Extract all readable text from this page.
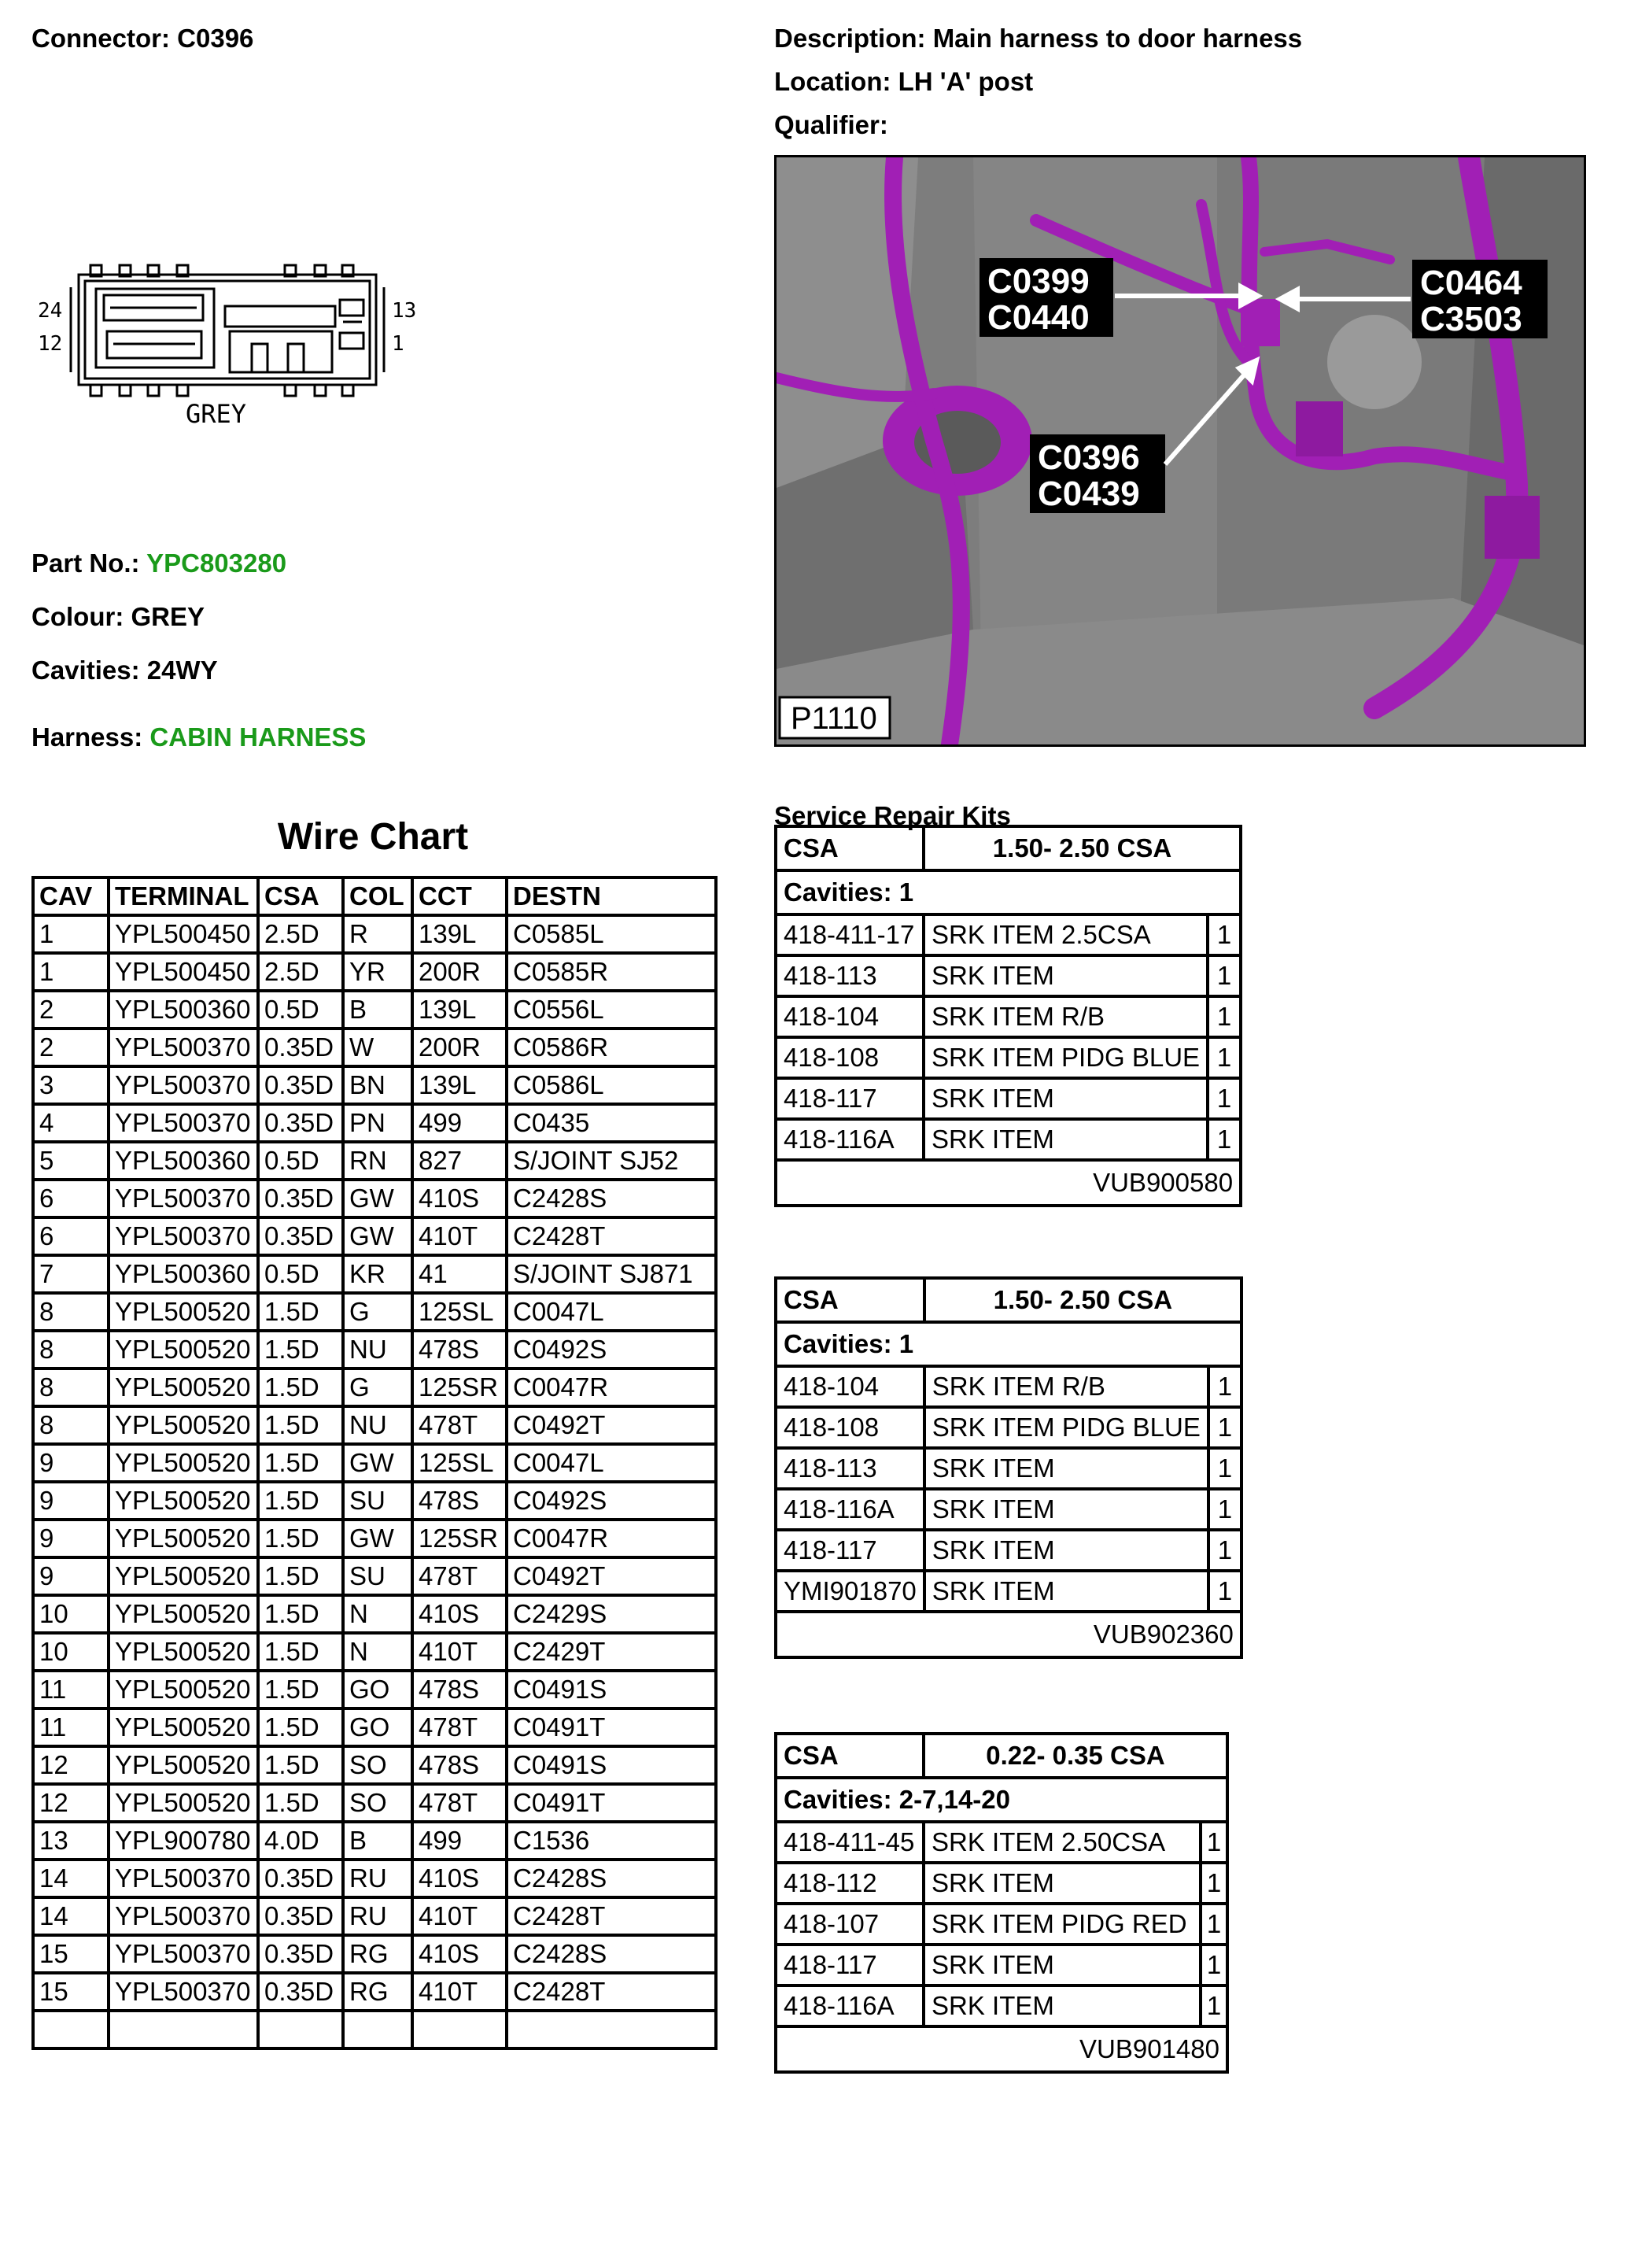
Connector: C0396	Description: Main harness to door harness
Location: LH 'A' post
Qualifier:
24	13
12	1
GREY
Part No.: YPC803280
Colour: GREY
Cavities: 24WY
Harness: CABIN HARNESS
C0399
C0440
C0464
C3503
C0396
C0439
P1110
Wire Chart
CAV	TERMINAL	CSA	COL	CCT	DESTN
1	YPL500450	2.5D	R	139L	C0585L
1	YPL500450	2.5D	YR	200R	C0585R
2	YPL500360	0.5D	B	139L	C0556L
2	YPL500370	0.35D	W	200R	C0586R
3	YPL500370	0.35D	BN	139L	C0586L
4	YPL500370	0.35D	PN	499	C0435
5	YPL500360	0.5D	RN	827	S/JOINT SJ52
6	YPL500370	0.35D	GW	410S	C2428S
6	YPL500370	0.35D	GW	410T	C2428T
7	YPL500360	0.5D	KR	41	S/JOINT SJ871
8	YPL500520	1.5D	G	125SL	C0047L
8	YPL500520	1.5D	NU	478S	C0492S
8	YPL500520	1.5D	G	125SR	C0047R
8	YPL500520	1.5D	NU	478T	C0492T
9	YPL500520	1.5D	GW	125SL	C0047L
9	YPL500520	1.5D	SU	478S	C0492S
9	YPL500520	1.5D	GW	125SR	C0047R
9	YPL500520	1.5D	SU	478T	C0492T
10	YPL500520	1.5D	N	410S	C2429S
10	YPL500520	1.5D	N	410T	C2429T
11	YPL500520	1.5D	GO	478S	C0491S
11	YPL500520	1.5D	GO	478T	C0491T
12	YPL500520	1.5D	SO	478S	C0491S
12	YPL500520	1.5D	SO	478T	C0491T
13	YPL900780	4.0D	B	499	C1536
14	YPL500370	0.35D	RU	410S	C2428S
14	YPL500370	0.35D	RU	410T	C2428T
15	YPL500370	0.35D	RG	410S	C2428S
15	YPL500370	0.35D	RG	410T	C2428T

Service Repair Kits
CSA	1.50- 2.50 CSA	
Cavities: 1		
418-411-17	SRK ITEM 2.5CSA	1
418-113	SRK ITEM	1
418-104	SRK ITEM R/B	1
418-108	SRK ITEM PIDG BLUE	1
418-117	SRK ITEM	1
418-116A	SRK ITEM	1
VUB900580		
CSA	1.50- 2.50 CSA	
Cavities: 1		
418-104	SRK ITEM R/B	1
418-108	SRK ITEM PIDG BLUE	1
418-113	SRK ITEM	1
418-116A	SRK ITEM	1
418-117	SRK ITEM	1
YMI901870	SRK ITEM	1
VUB902360		
CSA	0.22- 0.35 CSA	
Cavities: 2-7,14-20		
418-411-45	SRK ITEM 2.50CSA	1
418-112	SRK ITEM	1
418-107	SRK ITEM PIDG RED	1
418-117	SRK ITEM	1
418-116A	SRK ITEM	1
VUB901480		
